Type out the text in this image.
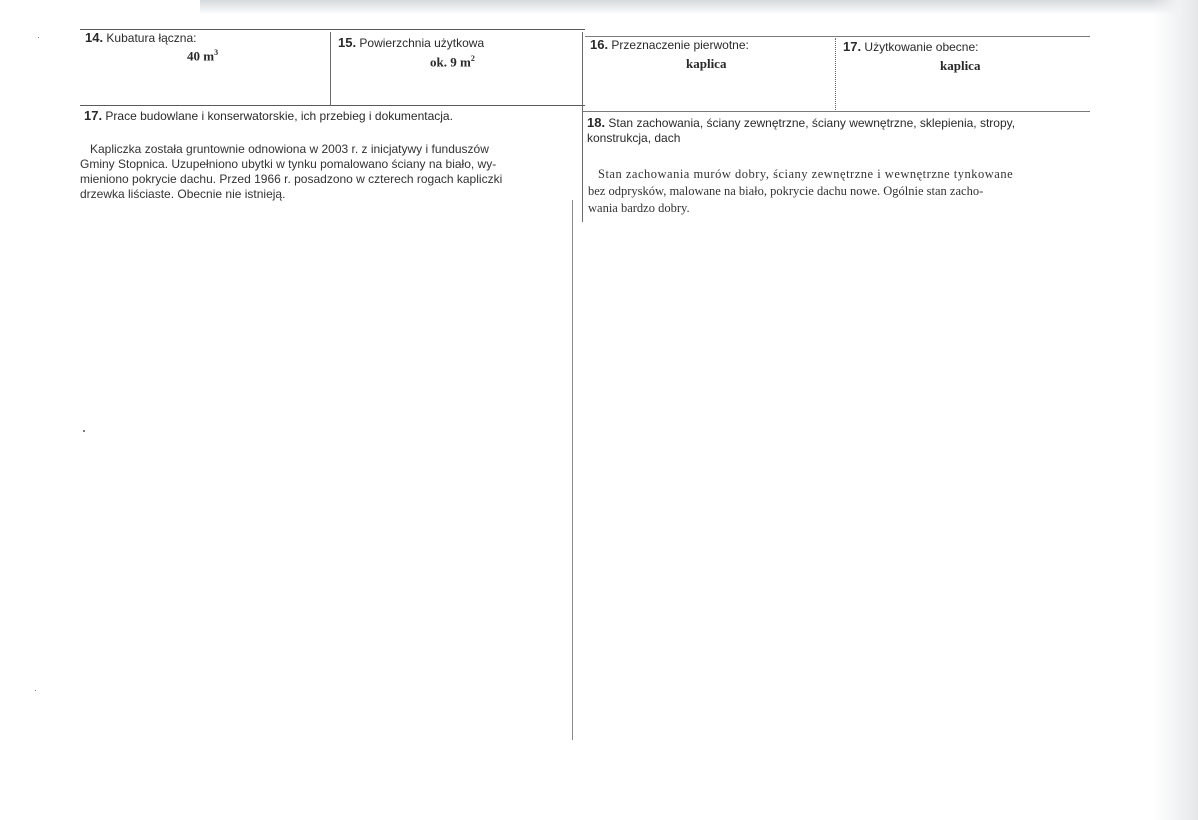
14. Kubatura łączna:
40 $m^3$
15. Powierzchnia użytkowa
ok. 9 $m^2$
16. Przeznaczenie pierwotne:
kaplica
17. Użytkowanie obecne:
kaplica
17. Prace budowlane i konserwatorskie, ich przebieg i dokumentacja.
Kapliczka została gruntownie odnowiona w 2003 r. z inicjatywy i funduszów
Gminy Stopnica. Uzupełniono ubytki w tynku pomalowano ściany na biało, wy-
mieniono pokrycie dachu. Przed 1966 r. posadzono w czterech rogach kapliczki
drzewka liściaste. Obecnie nie istnieją.
18. Stan zachowania, ściany zewnętrzne, ściany wewnętrzne, sklepienia, stropy,
konstrukcja, dach
Stan zachowania murów dobry, ściany zewnętrzne i wewnętrzne tynkowane
bez odprysków, malowane na biało, pokrycie dachu nowe. Ogólnie stan zacho-
wania bardzo dobry.
